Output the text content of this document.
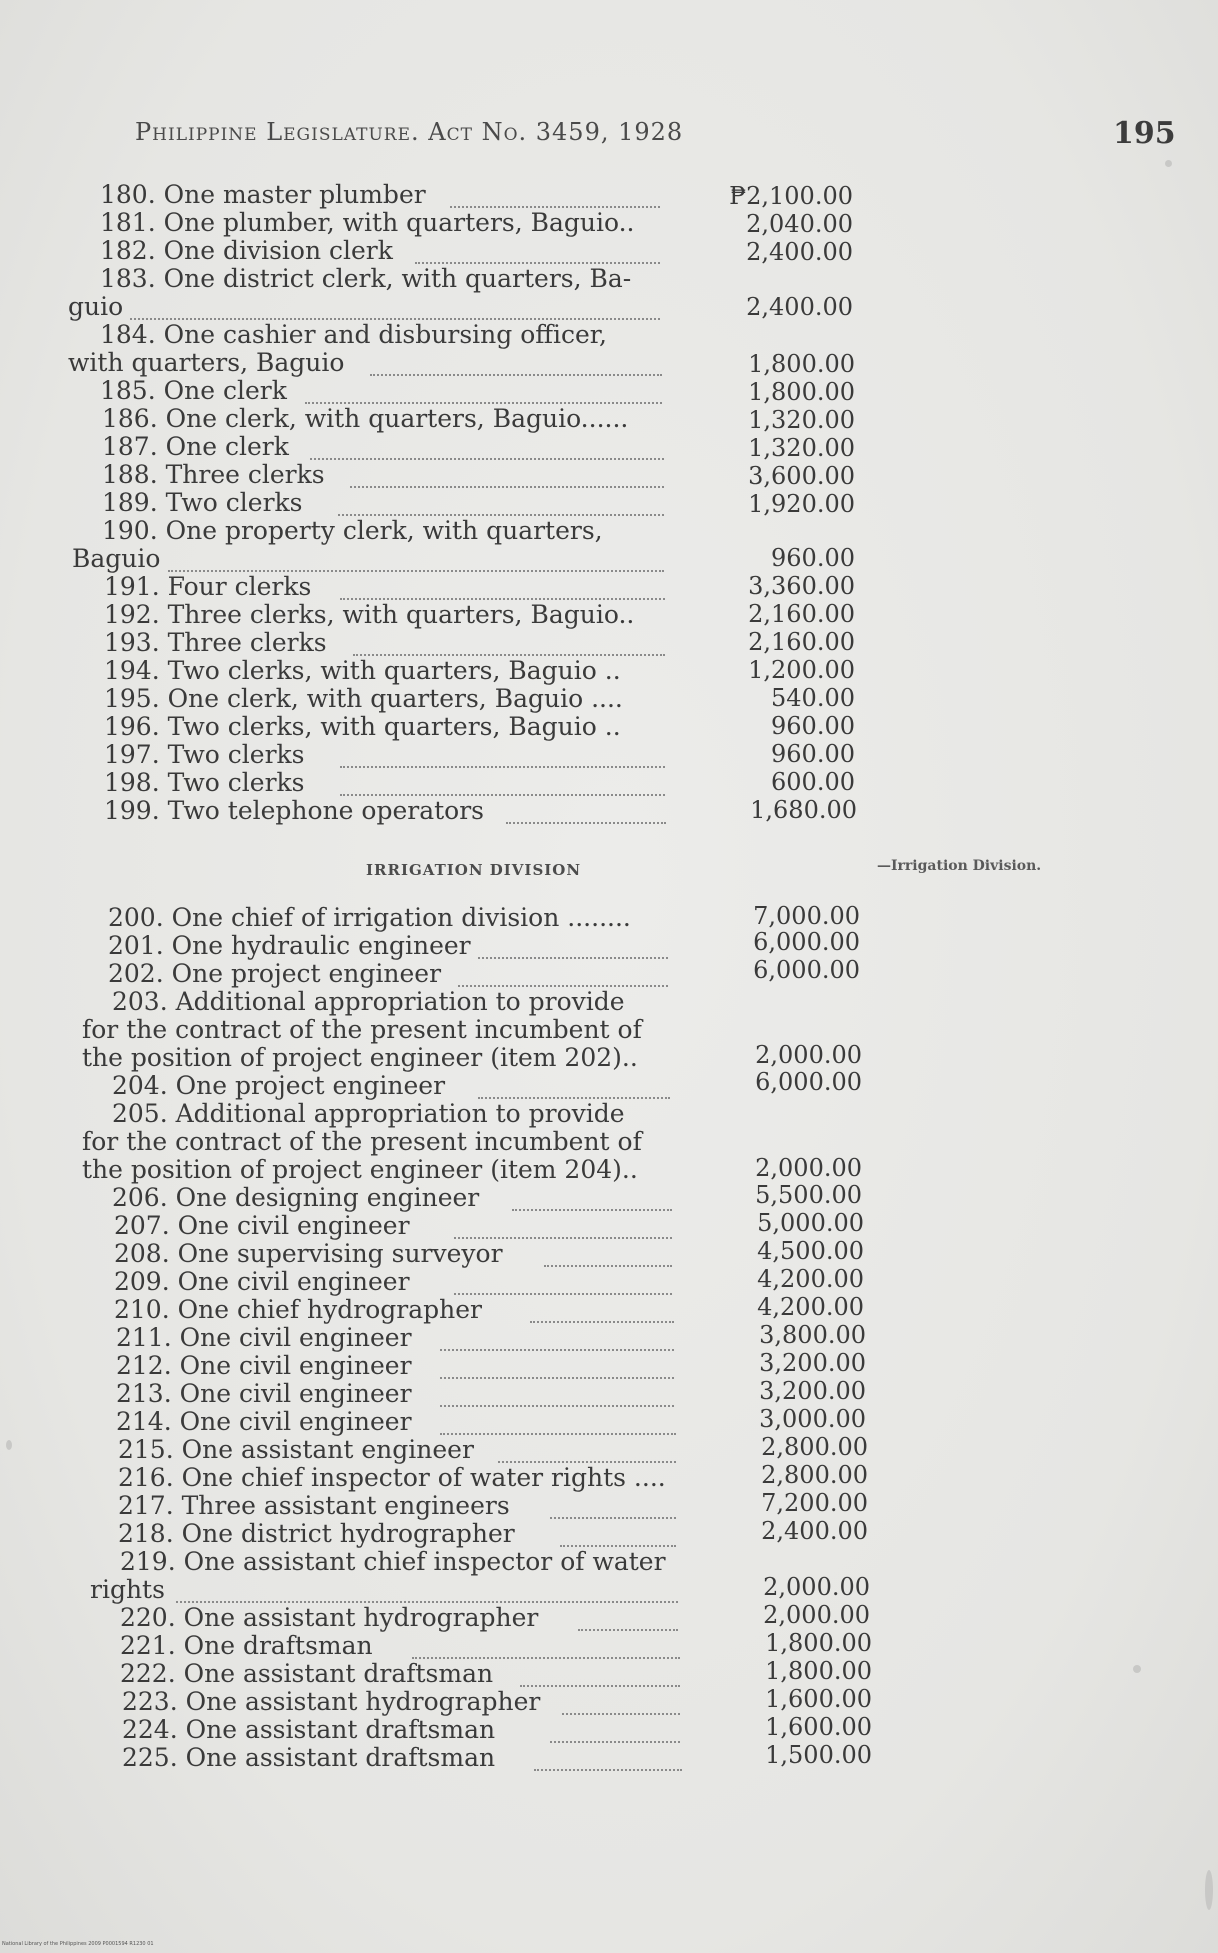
Philippine Legislature. Act No. 3459, 1928	195
180. One master plumber	₱2,100.00
181. One plumber, with quarters, Baguio..	2,040.00
182. One division clerk	2,400.00
183. One district clerk, with quarters, Ba-
guio	2,400.00
184. One cashier and disbursing officer,
with quarters, Baguio	1,800.00
185. One clerk	1,800.00
186. One clerk, with quarters, Baguio......	1,320.00
187. One clerk	1,320.00
188. Three clerks	3,600.00
189. Two clerks	1,920.00
190. One property clerk, with quarters,
Baguio	960.00
191. Four clerks	3,360.00
192. Three clerks, with quarters, Baguio..	2,160.00
193. Three clerks	2,160.00
194. Two clerks, with quarters, Baguio ..	1,200.00
195. One clerk, with quarters, Baguio ....	540.00
196. Two clerks, with quarters, Baguio ..	960.00
197. Two clerks	960.00
198. Two clerks	600.00
199. Two telephone operators	1,680.00
IRRIGATION DIVISION	—Irrigation Division.
200. One chief of irrigation division ........	7,000.00
201. One hydraulic engineer	6,000.00
202. One project engineer	6,000.00
203. Additional appropriation to provide
for the contract of the present incumbent of
the position of project engineer (item 202)..	2,000.00
204. One project engineer	6,000.00
205. Additional appropriation to provide
for the contract of the present incumbent of
the position of project engineer (item 204)..	2,000.00
206. One designing engineer	5,500.00
207. One civil engineer	5,000.00
208. One supervising surveyor	4,500.00
209. One civil engineer	4,200.00
210. One chief hydrographer	4,200.00
211. One civil engineer	3,800.00
212. One civil engineer	3,200.00
213. One civil engineer	3,200.00
214. One civil engineer	3,000.00
215. One assistant engineer	2,800.00
216. One chief inspector of water rights ....	2,800.00
217. Three assistant engineers	7,200.00
218. One district hydrographer	2,400.00
219. One assistant chief inspector of water
rights	2,000.00
220. One assistant hydrographer	2,000.00
221. One draftsman	1,800.00
222. One assistant draftsman	1,800.00
223. One assistant hydrographer	1,600.00
224. One assistant draftsman	1,600.00
225. One assistant draftsman	1,500.00
National Library of the Philippines 2009 P0001594 R1230 01
